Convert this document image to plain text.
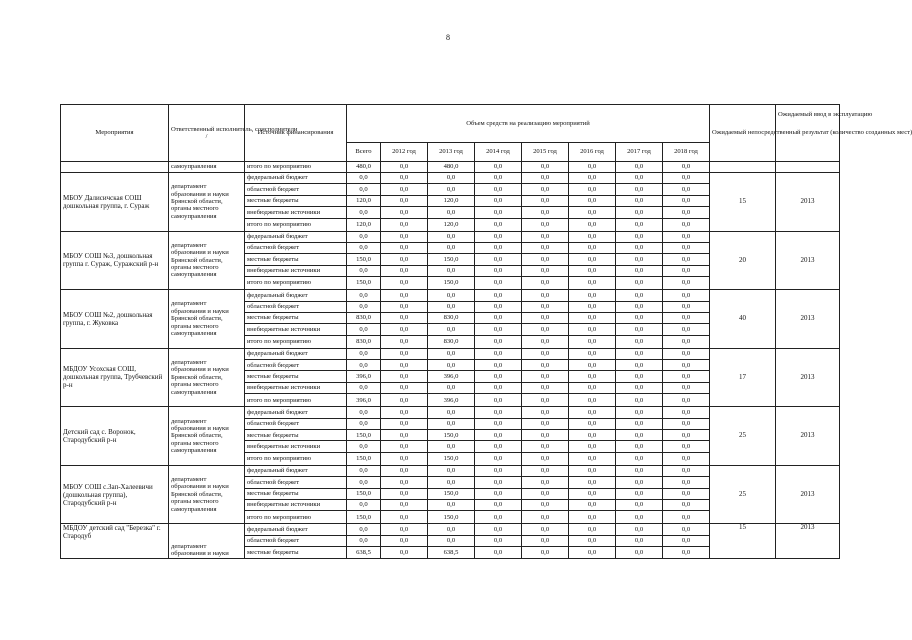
8
Мероприятия	Ответственный исполнитель, соисполнители
/	Источник финансирования	Объем средств на реализацию мероприятий								Ожидаемый непосредственный результат (количество созданных мест)	Ожидаемый ввод в эксплуатацию
			Всего	2012 год	2013 год	2014 год	2015 год	2016 год	2017 год	2018 год		
	самоуправления	итого по мероприятию	480,0	0,0	480,0	0,0	0,0	0,0	0,0	0,0		
МБОУ Далисичская СОШ дошкольная группа, г. Сураж	департамент образования и науки Брянской области, органы местного самоуправления	федеральный бюджет	0,0	0,0	0,0	0,0	0,0	0,0	0,0	0,0	15	2013
		областной бюджет	0,0	0,0	0,0	0,0	0,0	0,0	0,0	0,0		
		местные бюджеты	120,0	0,0	120,0	0,0	0,0	0,0	0,0	0,0		
		внебюджетные источники	0,0	0,0	0,0	0,0	0,0	0,0	0,0	0,0		
		итого по мероприятию	120,0	0,0	120,0	0,0	0,0	0,0	0,0	0,0		
МБОУ СОШ №3, дошкольная группа г. Сураж, Суражский р-н	департамент образования и науки Брянской области, органы местного самоуправления	федеральный бюджет	0,0	0,0	0,0	0,0	0,0	0,0	0,0	0,0	20	2013
		областной бюджет	0,0	0,0	0,0	0,0	0,0	0,0	0,0	0,0		
		местные бюджеты	150,0	0,0	150,0	0,0	0,0	0,0	0,0	0,0		
		внебюджетные источники	0,0	0,0	0,0	0,0	0,0	0,0	0,0	0,0		
		итого по мероприятию	150,0	0,0	150,0	0,0	0,0	0,0	0,0	0,0		
МБОУ СОШ №2, дошкольная группа, г. Жуковка	департамент образования и науки Брянской области, органы местного самоуправления	федеральный бюджет	0,0	0,0	0,0	0,0	0,0	0,0	0,0	0,0	40	2013
		областной бюджет	0,0	0,0	0,0	0,0	0,0	0,0	0,0	0,0		
		местные бюджеты	830,0	0,0	830,0	0,0	0,0	0,0	0,0	0,0		
		внебюджетные источники	0,0	0,0	0,0	0,0	0,0	0,0	0,0	0,0		
		итого по мероприятию	830,0	0,0	830,0	0,0	0,0	0,0	0,0	0,0		
МБДОУ Усохская СОШ, дошкольная группа, Трубчевский р-н	департамент образования и науки Брянской области, органы местного самоуправления	федеральный бюджет	0,0	0,0	0,0	0,0	0,0	0,0	0,0	0,0	17	2013
		областной бюджет	0,0	0,0	0,0	0,0	0,0	0,0	0,0	0,0		
		местные бюджеты	396,0	0,0	396,0	0,0	0,0	0,0	0,0	0,0		
		внебюджетные источники	0,0	0,0	0,0	0,0	0,0	0,0	0,0	0,0		
		итого по мероприятию	396,0	0,0	396,0	0,0	0,0	0,0	0,0	0,0		
Детский сад с. Воронок, Стародубский р-н	департамент образования и науки Брянской области, органы местного самоуправления	федеральный бюджет	0,0	0,0	0,0	0,0	0,0	0,0	0,0	0,0	25	2013
		областной бюджет	0,0	0,0	0,0	0,0	0,0	0,0	0,0	0,0		
		местные бюджеты	150,0	0,0	150,0	0,0	0,0	0,0	0,0	0,0		
		внебюджетные источники	0,0	0,0	0,0	0,0	0,0	0,0	0,0	0,0		
		итого по мероприятию	150,0	0,0	150,0	0,0	0,0	0,0	0,0	0,0		
МБОУ СОШ с.Зап-Халеевичи (дошкольная группа), Стародубский р-н	департамент образования и науки Брянской области, органы местного самоуправления	федеральный бюджет	0,0	0,0	0,0	0,0	0,0	0,0	0,0	0,0	25	2013
		областной бюджет	0,0	0,0	0,0	0,0	0,0	0,0	0,0	0,0		
		местные бюджеты	150,0	0,0	150,0	0,0	0,0	0,0	0,0	0,0		
		внебюджетные источники	0,0	0,0	0,0	0,0	0,0	0,0	0,0	0,0		
		итого по мероприятию	150,0	0,0	150,0	0,0	0,0	0,0	0,0	0,0		
МБДОУ детский сад "Березка" г. Стародуб	департамент образования и науки	федеральный бюджет	0,0	0,0	0,0	0,0	0,0	0,0	0,0	0,0	15	2013
		областной бюджет	0,0	0,0	0,0	0,0	0,0	0,0	0,0	0,0		
		местные бюджеты	638,5	0,0	638,5	0,0	0,0	0,0	0,0	0,0		
